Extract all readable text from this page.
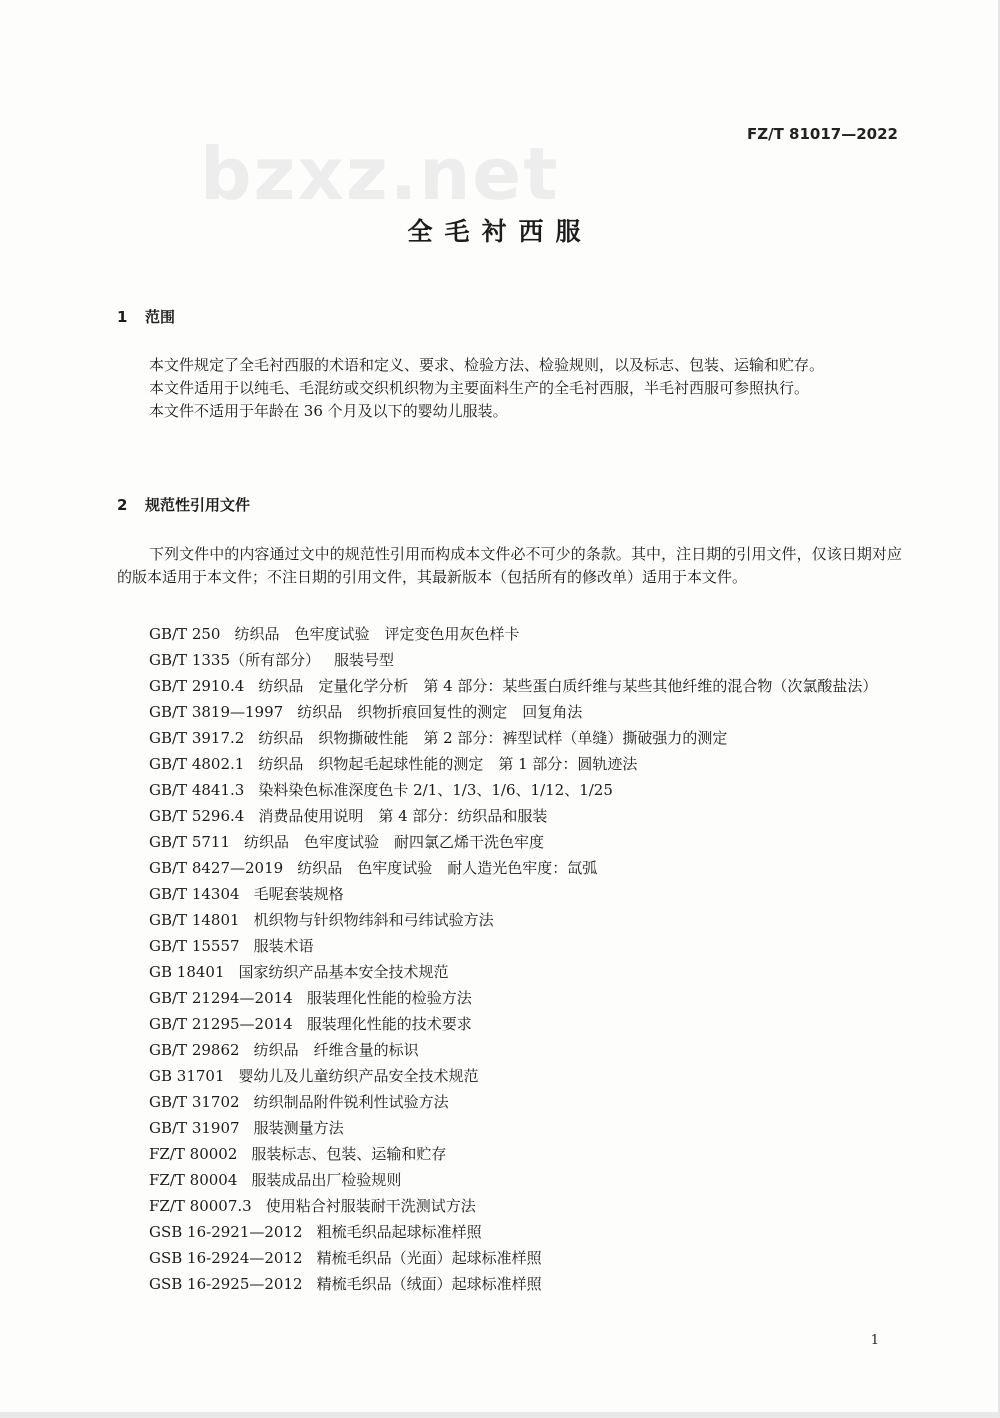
FZ/T 81017—2022
bzxz.net
全毛衬西服
1 范围

本文件规定了全毛衬西服的术语和定义、要求、检验方法、检验规则，以及标志、包装、运输和贮存。

本文件适用于以纯毛、毛混纺或交织机织物为主要面料生产的全毛衬西服，半毛衬西服可参照执行。

本文件不适用于年龄在 36 个月及以下的婴幼儿服装。

2 规范性引用文件

下列文件中的内容通过文中的规范性引用而构成本文件必不可少的条款。其中，注日期的引用文件，仅该日期对应的版本适用于本文件；不注日期的引用文件，其最新版本（包括所有的修改单）适用于本文件。

GB/T 250 纺织品　色牢度试验　评定变色用灰色样卡
GB/T 1335（所有部分） 服装号型
GB/T 2910.4 纺织品　定量化学分析　第 4 部分：某些蛋白质纤维与某些其他纤维的混合物（次氯酸盐法）
GB/T 3819—1997 纺织品　织物折痕回复性的测定　回复角法
GB/T 3917.2 纺织品　织物撕破性能　第 2 部分：裤型试样（单缝）撕破强力的测定
GB/T 4802.1 纺织品　织物起毛起球性能的测定　第 1 部分：圆轨迹法
GB/T 4841.3 染料染色标准深度色卡 2/1、1/3、1/6、1/12、1/25
GB/T 5296.4 消费品使用说明　第 4 部分：纺织品和服装
GB/T 5711 纺织品　色牢度试验　耐四氯乙烯干洗色牢度
GB/T 8427—2019 纺织品　色牢度试验　耐人造光色牢度：氙弧
GB/T 14304 毛呢套装规格
GB/T 14801 机织物与针织物纬斜和弓纬试验方法
GB/T 15557 服装术语
GB 18401 国家纺织产品基本安全技术规范
GB/T 21294—2014 服装理化性能的检验方法
GB/T 21295—2014 服装理化性能的技术要求
GB/T 29862 纺织品　纤维含量的标识
GB 31701 婴幼儿及儿童纺织产品安全技术规范
GB/T 31702 纺织制品附件锐利性试验方法
GB/T 31907 服装测量方法
FZ/T 80002 服装标志、包装、运输和贮存
FZ/T 80004 服装成品出厂检验规则
FZ/T 80007.3 使用粘合衬服装耐干洗测试方法
GSB 16-2921—2012 粗梳毛织品起球标准样照
GSB 16-2924—2012 精梳毛织品（光面）起球标准样照
GSB 16-2925—2012 精梳毛织品（绒面）起球标准样照
1
